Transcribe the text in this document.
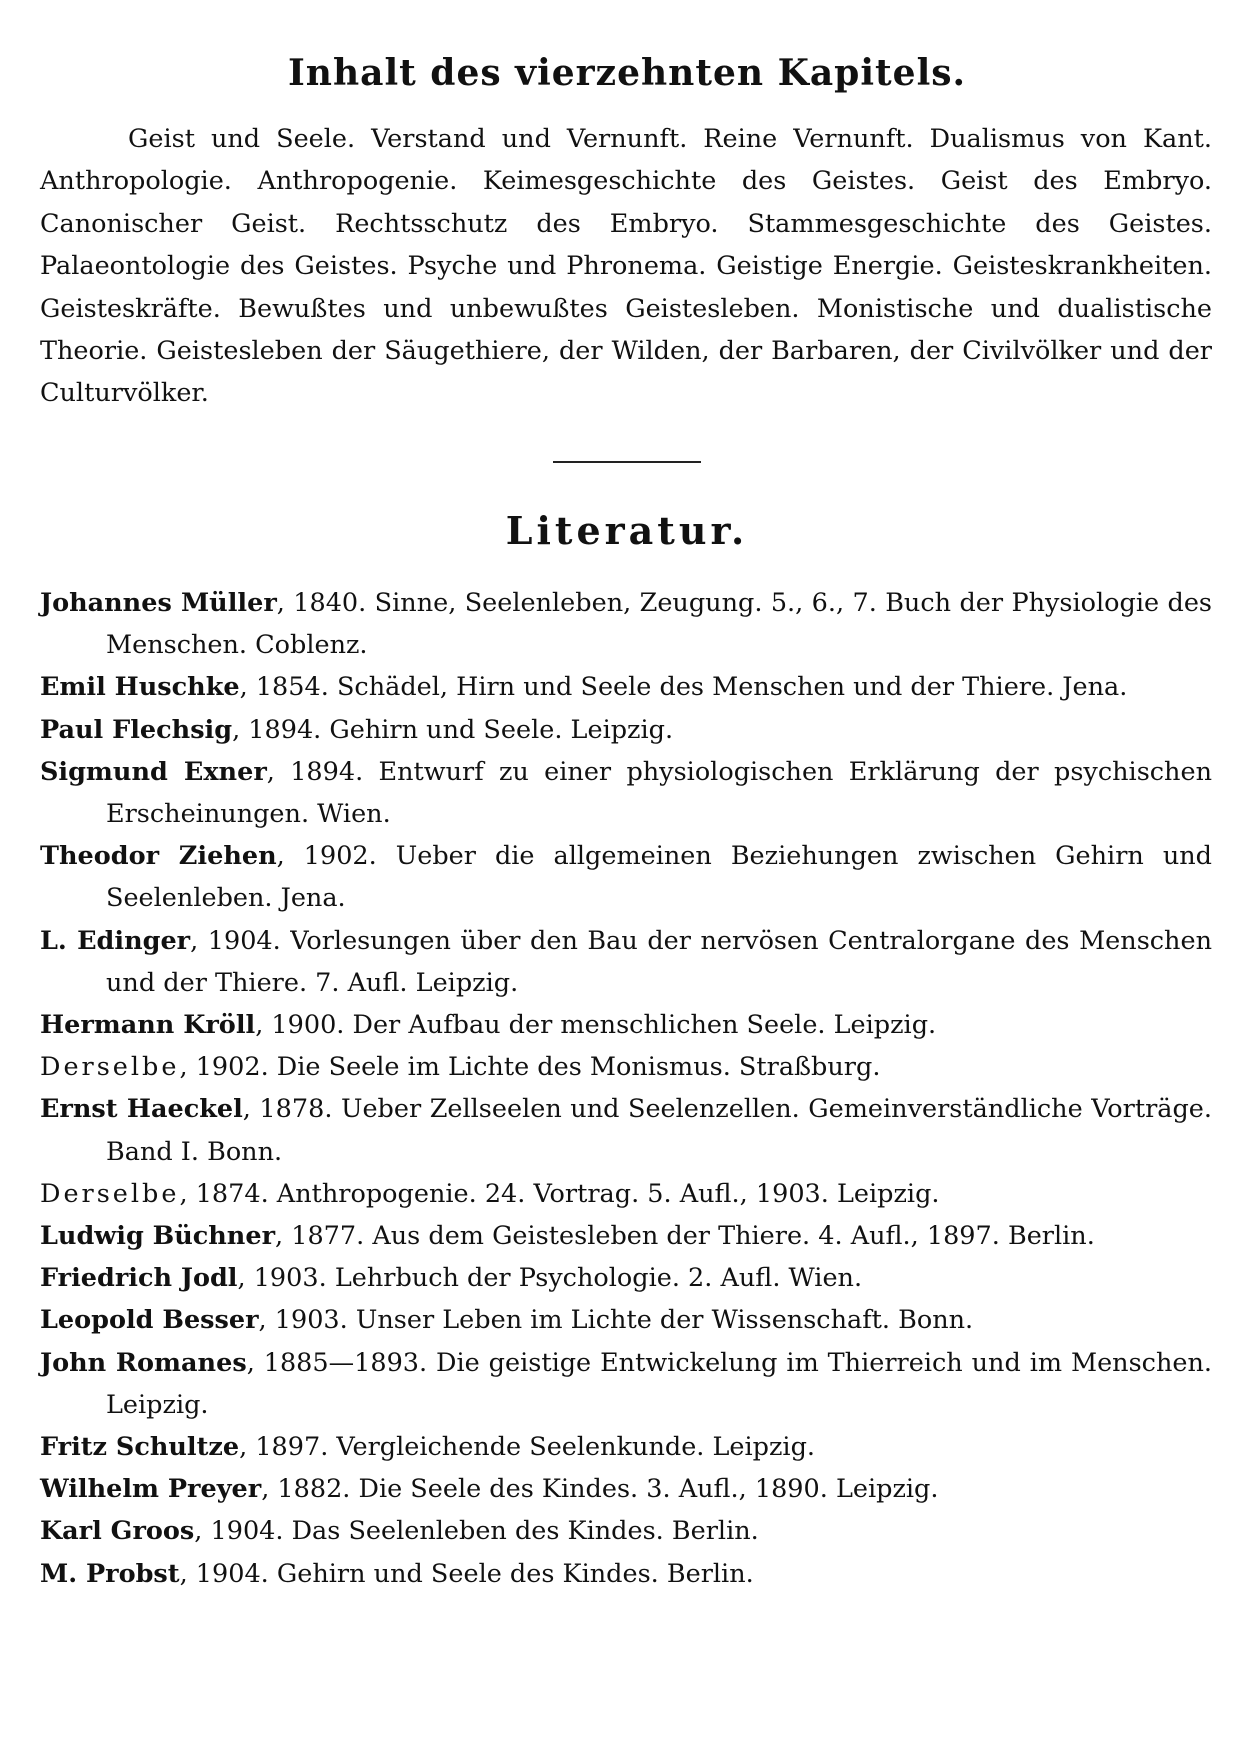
Inhalt des vierzehnten Kapitels.

Geist und Seele. Verstand und Vernunft. Reine Vernunft. Dualismus von Kant. Anthropologie. Anthropogenie. Keimesgeschichte des Geistes. Geist des Embryo. Canonischer Geist. Rechtsschutz des Embryo. Stammesgeschichte des Geistes. Palaeontologie des Geistes. Psyche und Phronema. Geistige Energie. Geisteskrankheiten. Geisteskräfte. Bewußtes und unbewußtes Geistesleben. Monistische und dualistische Theorie. Geistesleben der Säugethiere, der Wilden, der Barbaren, der Civilvölker und der Culturvölker.

Literatur.
Johannes Müller, 1840. Sinne, Seelenleben, Zeugung. 5., 6., 7. Buch der Physiologie des Menschen. Coblenz.
Emil Huschke, 1854. Schädel, Hirn und Seele des Menschen und der Thiere. Jena.
Paul Flechsig, 1894. Gehirn und Seele. Leipzig.
Sigmund Exner, 1894. Entwurf zu einer physiologischen Erklärung der psychischen Erscheinungen. Wien.
Theodor Ziehen, 1902. Ueber die allgemeinen Beziehungen zwischen Gehirn und Seelenleben. Jena.
L. Edinger, 1904. Vorlesungen über den Bau der nervösen Centralorgane des Menschen und der Thiere. 7. Aufl. Leipzig.
Hermann Kröll, 1900. Der Aufbau der menschlichen Seele. Leipzig.
Derselbe, 1902. Die Seele im Lichte des Monismus. Straßburg.
Ernst Haeckel, 1878. Ueber Zellseelen und Seelenzellen. Gemeinverständliche Vorträge. Band I. Bonn.
Derselbe, 1874. Anthropogenie. 24. Vortrag. 5. Aufl., 1903. Leipzig.
Ludwig Büchner, 1877. Aus dem Geistesleben der Thiere. 4. Aufl., 1897. Berlin.
Friedrich Jodl, 1903. Lehrbuch der Psychologie. 2. Aufl. Wien.
Leopold Besser, 1903. Unser Leben im Lichte der Wissenschaft. Bonn.
John Romanes, 1885—1893. Die geistige Entwickelung im Thierreich und im Menschen. Leipzig.
Fritz Schultze, 1897. Vergleichende Seelenkunde. Leipzig.
Wilhelm Preyer, 1882. Die Seele des Kindes. 3. Aufl., 1890. Leipzig.
Karl Groos, 1904. Das Seelenleben des Kindes. Berlin.
M. Probst, 1904. Gehirn und Seele des Kindes. Berlin.
